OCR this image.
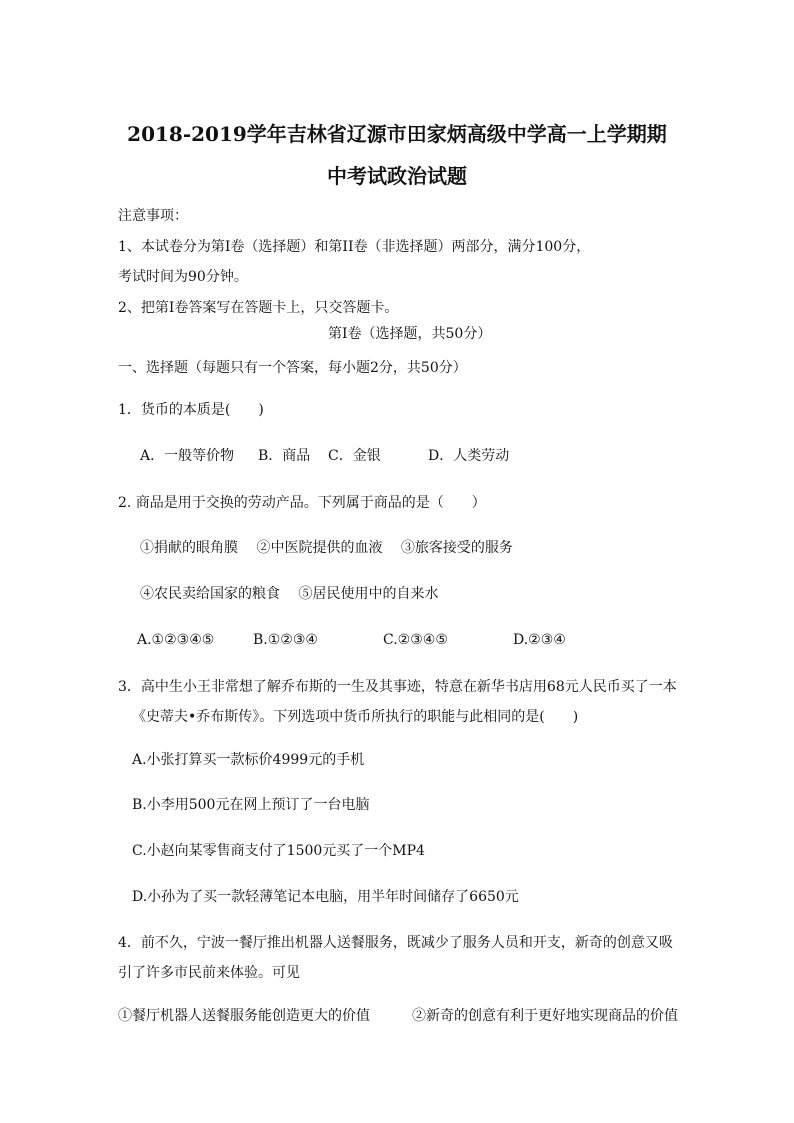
2018-2019学年吉林省辽源市田家炳高级中学高一上学期期
中考试政治试题
注意事项：
1、本试卷分为第Ⅰ卷（选择题）和第II卷（非选择题）两部分，满分100分，
考试时间为90分钟。
2、把第Ⅰ卷答案写在答题卡上，只交答题卡。
第Ⅰ卷（选择题，共50分）
一、选择题（每题只有一个答案，每小题2分，共50分）
1．货币的本质是(　　)
A．一般等价物 B．商品 C．金银	D．人类劳动
2. 商品是用于交换的劳动产品。下列属于商品的是（　　）
①捐献的眼角膜　 ②中医院提供的血液　 ③旅客接受的服务
④农民卖给国家的粮食　 ⑤居民使用中的自来水
A.①②③④⑤	B.①②③④	C.②③④⑤	D.②③④
3．高中生小王非常想了解乔布斯的一生及其事迹，特意在新华书店用68元人民币买了一本
《史蒂夫•乔布斯传》。下列选项中货币所执行的职能与此相同的是(　　)
A.小张打算买一款标价4999元的手机
B.小李用500元在网上预订了一台电脑
C.小赵向某零售商支付了1500元买了一个MP4
D.小孙为了买一款轻薄笔记本电脑，用半年时间储存了6650元
4．前不久，宁波一餐厅推出机器人送餐服务，既减少了服务人员和开支，新奇的创意又吸
引了许多市民前来体验。可见
①餐厅机器人送餐服务能创造更大的价值　　　②新奇的创意有利于更好地实现商品的价值
